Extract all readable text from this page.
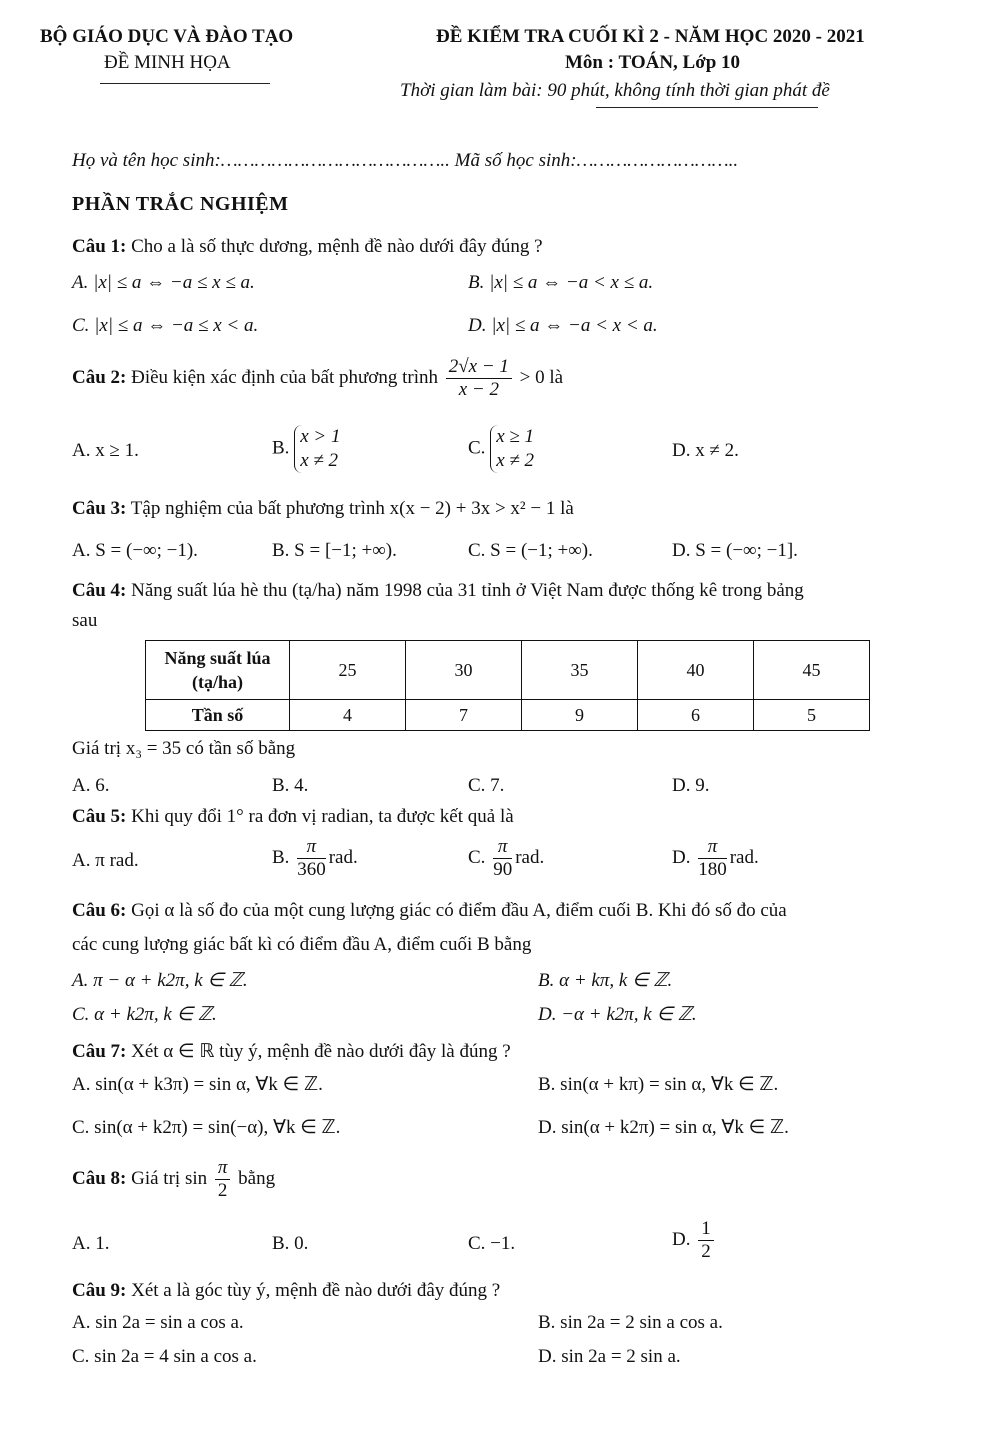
BỘ GIÁO DỤC VÀ ĐÀO TẠO
ĐỀ MINH HỌA
ĐỀ KIỂM TRA CUỐI KÌ 2 - NĂM HỌC 2020 - 2021
Môn : TOÁN, Lớp 10
Thời gian làm bài: 90 phút, không tính thời gian phát đề
Họ và tên học sinh:………………………………….. Mã số học sinh:………………………..
PHẦN TRẮC NGHIỆM
Câu 1: Cho a là số thực dương, mệnh đề nào dưới đây đúng ?
A. |x| ≤ a ⇔ −a ≤ x ≤ a.	B. |x| ≤ a ⇔ −a < x ≤ a.
C. |x| ≤ a ⇔ −a ≤ x < a.	D. |x| ≤ a ⇔ −a < x < a.
Câu 2: Điều kiện xác định của bất phương trình $\frac{2√x - 1}{x - 2} > 0$ là
A. x ≥ 1.	B.
x > 1
x ≠ 2
C.
x ≥ 1
x ≠ 2	D. x ≠ 2.
Câu 3: Tập nghiệm của bất phương trình x(x − 2) + 3x > x² − 1 là
A. S = (−∞; −1).	B. S = [−1; +∞).	C. S = (−1; +∞).	D. S = (−∞; −1].
Câu 4: Năng suất lúa hè thu (tạ/ha) năm 1998 của 31 tỉnh ở Việt Nam được thống kê trong bảng
sau
Năng suất lúa (tạ/ha)	25	30	35	40	45
Tần số	4	7	9	6	5
Giá trị x₃ = 35 có tần số bằng
A. 6.	B. 4.	C. 7.	D. 9.
Câu 5: Khi quy đổi 1° ra đơn vị radian, ta được kết quả là
A. π rad.	B. $\frac{\pi}{360}$ rad.	C. $\frac{\pi}{90}$ rad.	D. $\frac{\pi}{180}$ rad.
Câu 6: Gọi α là số đo của một cung lượng giác có điểm đầu A, điểm cuối B. Khi đó số đo của
các cung lượng giác bất kì có điểm đầu A, điểm cuối B bằng
A. π − α + k2π, k ∈ ℤ.	B. α + kπ, k ∈ ℤ.
C. α + k2π, k ∈ ℤ.	D. −α + k2π, k ∈ ℤ.
Câu 7: Xét α ∈ ℝ tùy ý, mệnh đề nào dưới đây là đúng ?
A. sin(α + k3π) = sin α, ∀k ∈ ℤ.	B. sin(α + kπ) = sin α, ∀k ∈ ℤ.
C. sin(α + k2π) = sin(−α), ∀k ∈ ℤ.	D. sin(α + k2π) = sin α, ∀k ∈ ℤ.
Câu 8: Giá trị $\sin \frac{\pi}{2}$ bằng
A. 1.	B. 0.	C. −1.	D. $\frac{1}{2}$
Câu 9: Xét a là góc tùy ý, mệnh đề nào dưới đây đúng ?
A. sin 2a = sin a cos a.	B. sin 2a = 2 sin a cos a.
C. sin 2a = 4 sin a cos a.	D. sin 2a = 2 sin a.
